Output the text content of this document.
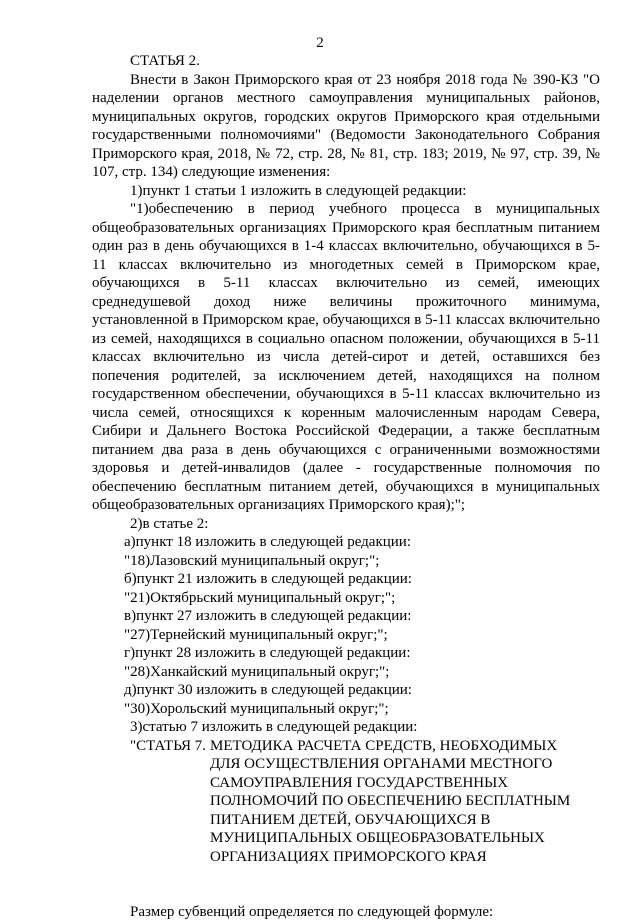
2

СТАТЬЯ 2.

Внести в Закон Приморского края от 23 ноября 2018 года № 390-КЗ "О наделении органов местного самоуправления муниципальных районов, муниципальных округов, городских округов Приморского края отдельными государственными полномочиями" (Ведомости Законодательного Собрания Приморского края, 2018, № 72, стр. 28, № 81, стр. 183; 2019, № 97, стр. 39, № 107, стр. 134) следующие изменения:

1)пункт 1 статьи 1 изложить в следующей редакции:

"1)обеспечению в период учебного процесса в муниципальных общеобразовательных организациях Приморского края бесплатным питанием один раз в день обучающихся в 1-4 классах включительно, обучающихся в 5-11 классах включительно из многодетных семей в Приморском крае, обучающихся в 5-11 классах включительно из семей, имеющих среднедушевой доход ниже величины прожиточного минимума, установленной в Приморском крае, обучающихся в 5-11 классах включительно из семей, находящихся в социально опасном положении, обучающихся в 5-11 классах включительно из числа детей-сирот и детей, оставшихся без попечения родителей, за исключением детей, находящихся на полном государственном обеспечении, обучающихся в 5-11 классах включительно из числа семей, относящихся к коренным малочисленным народам Севера, Сибири и Дальнего Востока Российской Федерации, а также бесплатным питанием два раза в день обучающихся с ограниченными возможностями здоровья и детей-инвалидов (далее - государственные полномочия по обеспечению бесплатным питанием детей, обучающихся в муниципальных общеобразовательных организациях Приморского края);";

2)в статье 2:

а)пункт 18 изложить в следующей редакции:

"18)Лазовский муниципальный округ;";

б)пункт 21 изложить в следующей редакции:

"21)Октябрьский муниципальный округ;";

в)пункт 27 изложить в следующей редакции:

"27)Тернейский муниципальный округ;";

г)пункт 28 изложить в следующей редакции:

"28)Ханкайский муниципальный округ;";

д)пункт 30 изложить в следующей редакции:

"30)Хорольский муниципальный округ;";

3)статью 7 изложить в следующей редакции:

"СТАТЬЯ 7. МЕТОДИКА РАСЧЕТА СРЕДСТВ, НЕОБХОДИМЫХ

ДЛЯ ОСУЩЕСТВЛЕНИЯ ОРГАНАМИ МЕСТНОГО

САМОУПРАВЛЕНИЯ ГОСУДАРСТВЕННЫХ

ПОЛНОМОЧИЙ ПО ОБЕСПЕЧЕНИЮ БЕСПЛАТНЫМ

ПИТАНИЕМ ДЕТЕЙ, ОБУЧАЮЩИХСЯ В

МУНИЦИПАЛЬНЫХ ОБЩЕОБРАЗОВАТЕЛЬНЫХ

ОРГАНИЗАЦИЯХ ПРИМОРСКОГО КРАЯ

Размер субвенций определяется по следующей формуле:
